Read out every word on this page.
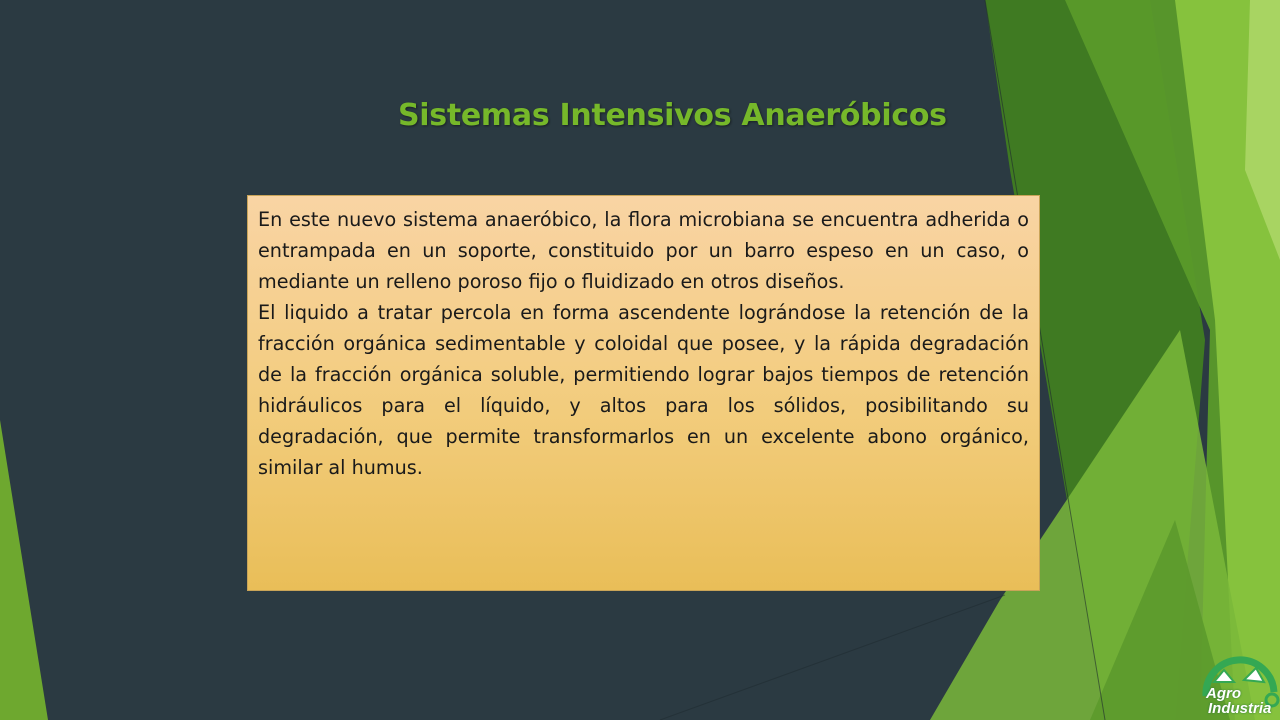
Sistemas Intensivos Anaeróbicos

En este nuevo sistema anaeróbico, la flora microbiana se encuentra adherida o entrampada en un soporte, constituido por un barro espeso en un caso, o mediante un relleno poroso fijo o fluidizado en otros diseños.

El liquido a tratar percola en forma ascendente lográndose la retención de la fracción orgánica sedimentable y coloidal que posee, y la rápida degradación de la fracción orgánica soluble, permitiendo lograr bajos tiempos de retención hidráulicos para el líquido, y altos para los sólidos, posibilitando su degradación, que permite transformarlos en un excelente abono orgánico, similar al humus.

Agro
Industria
